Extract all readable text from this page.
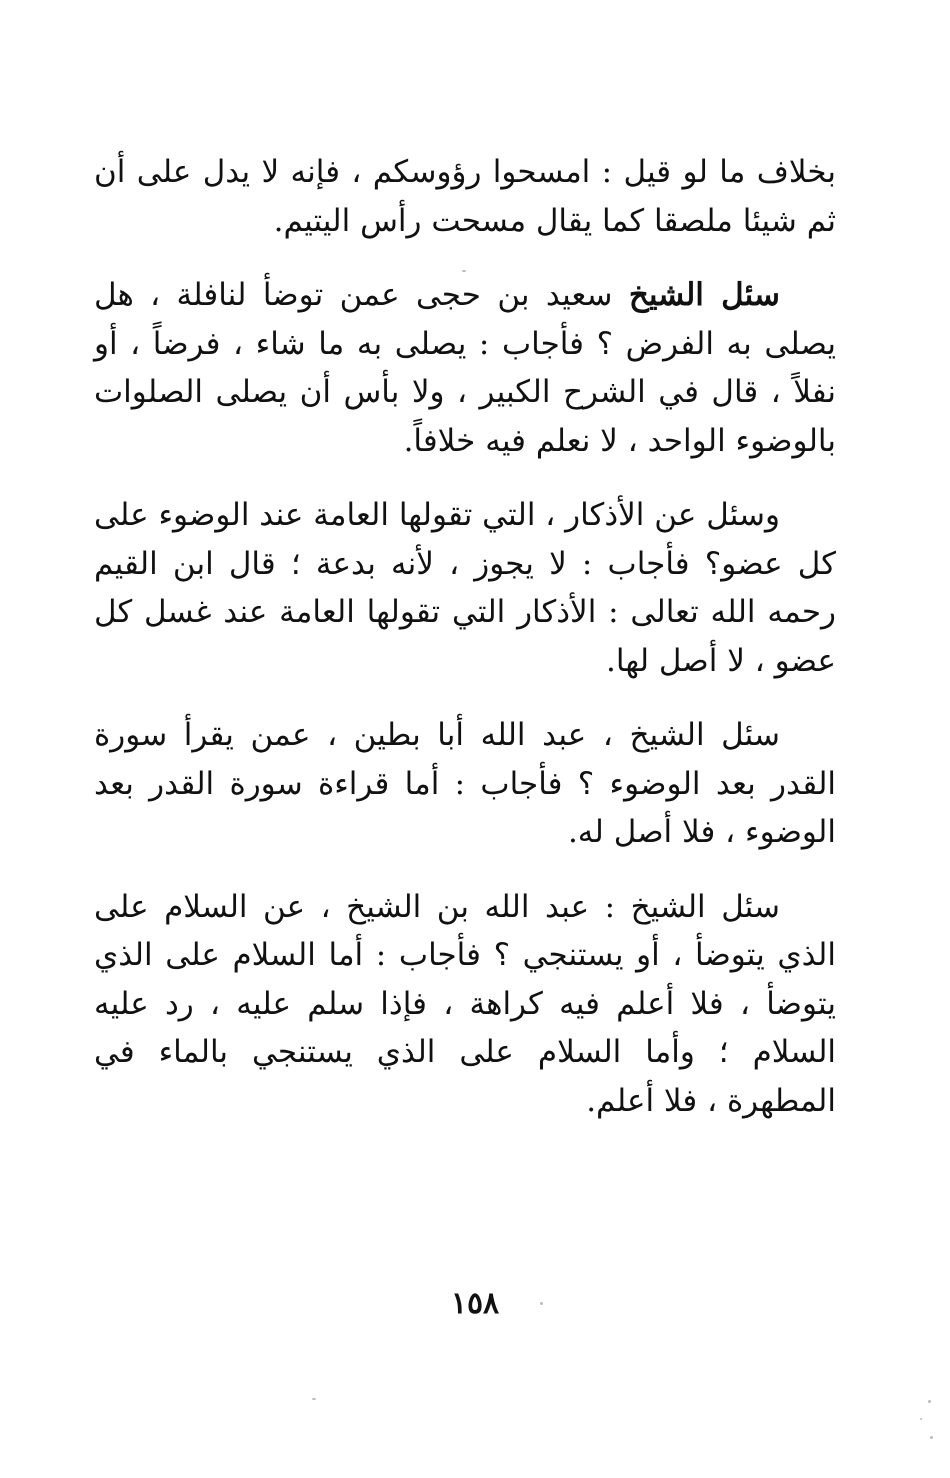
بخلاف ما لو قيل : امسحوا رؤوسكم ، فإنه لا يدل على أن ثم شيئا ملصقا كما يقال مسحت رأس اليتيم.

سئل الشيخ سعيد بن حجى عمن توضأ لنافلة ، هل يصلى به الفرض ؟ فأجاب : يصلى به ما شاء ، فرضاً ، أو نفلاً ، قال في الشرح الكبير ، ولا بأس أن يصلى الصلوات بالوضوء الواحد ، لا نعلم فيه خلافاً.

وسئل عن الأذكار ، التي تقولها العامة عند الوضوء على كل عضو؟ فأجاب : لا يجوز ، لأنه بدعة ؛ قال ابن القيم رحمه الله تعالى : الأذكار التي تقولها العامة عند غسل كل عضو ، لا أصل لها.

سئل الشيخ ، عبد الله أبا بطين ، عمن يقرأ سورة القدر بعد الوضوء ؟ فأجاب : أما قراءة سورة القدر بعد الوضوء ، فلا أصل له.

سئل الشيخ : عبد الله بن الشيخ ، عن السلام على الذي يتوضأ ، أو يستنجي ؟ فأجاب : أما السلام على الذي يتوضأ ، فلا أعلم فيه كراهة ، فإذا سلم عليه ، رد عليه السلام ؛ وأما السلام على الذي يستنجي بالماء في المطهرة ، فلا أعلم.

١٥٨
